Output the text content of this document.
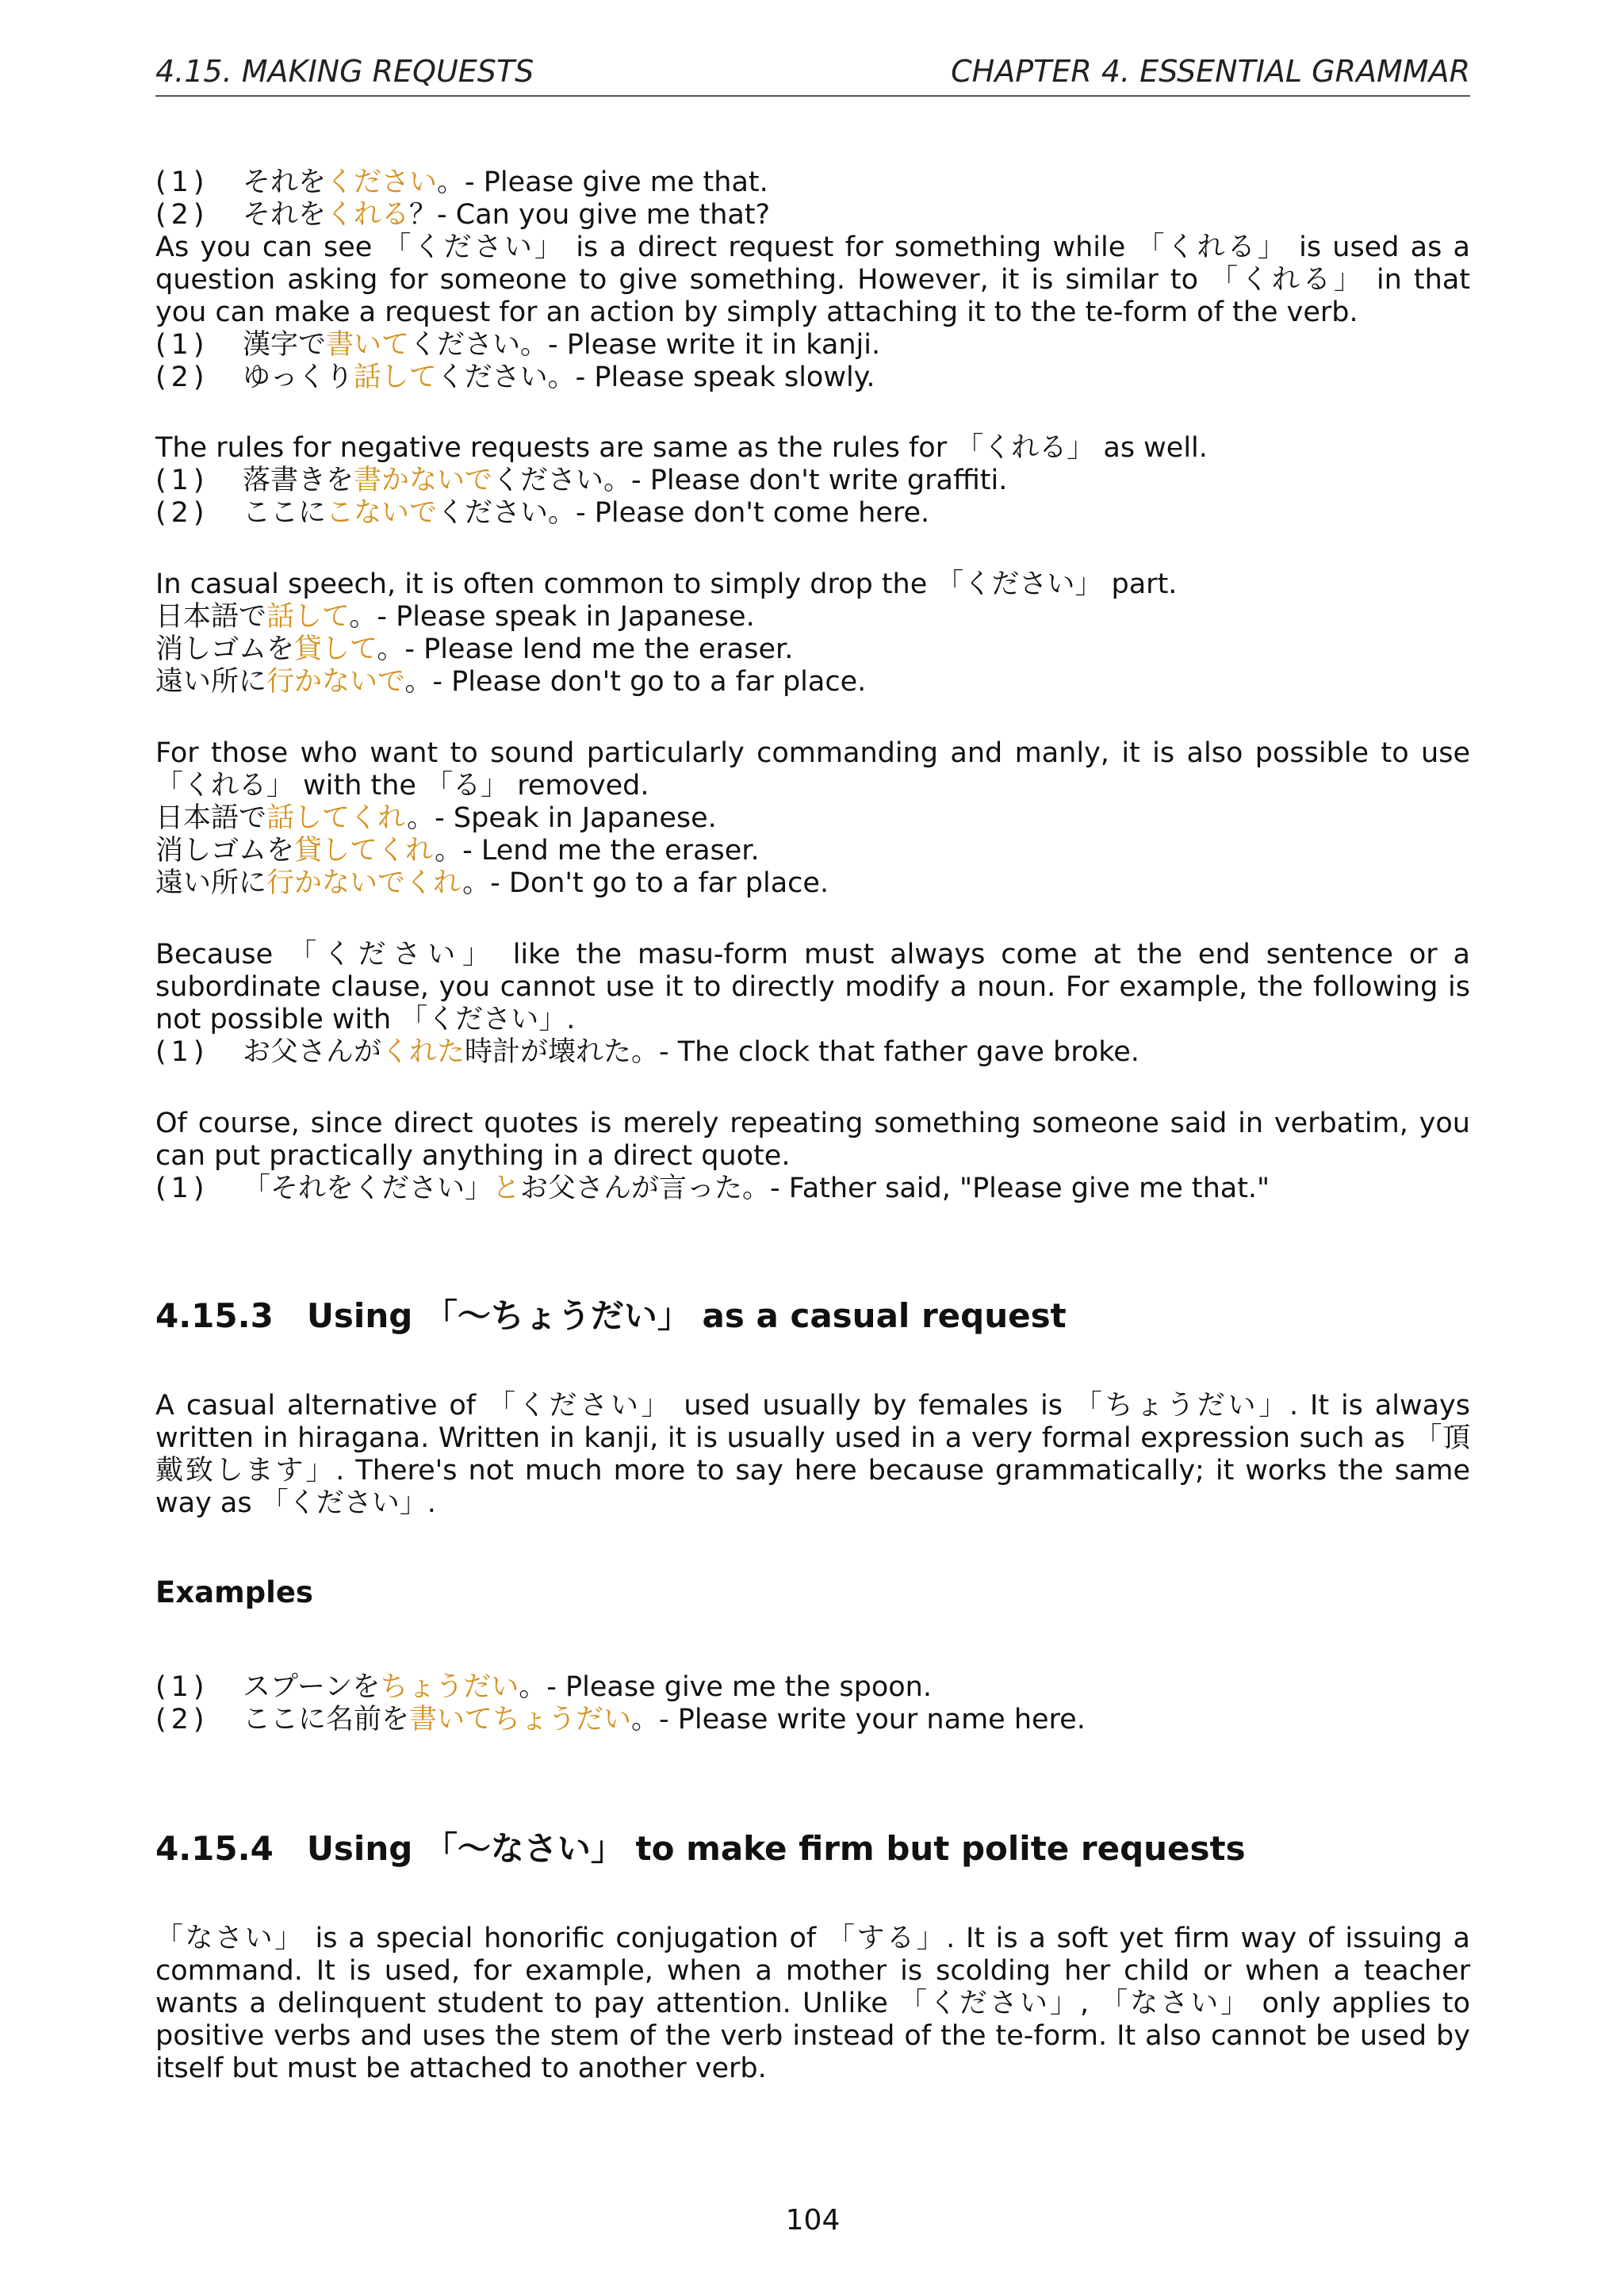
4.15. MAKING REQUESTS	CHAPTER 4. ESSENTIAL GRAMMAR
(1) それをください。- Please give me that.
(2) それをくれる？- Can you give me that?
As you can see 「ください」 is a direct request for something while 「くれる」 is used as a question asking for someone to give something. However, it is similar to 「くれる」 in that you can make a request for an action by simply attaching it to the te-form of the verb.
(1) 漢字で書いてください。- Please write it in kanji.
(2) ゆっくり話してください。- Please speak slowly.
The rules for negative requests are same as the rules for 「くれる」 as well.
(1) 落書きを書かないでください。- Please don't write graffiti.
(2) ここにこないでください。- Please don't come here.
In casual speech, it is often common to simply drop the 「ください」 part.
日本語で話して。- Please speak in Japanese.
消しゴムを貸して。- Please lend me the eraser.
遠い所に行かないで。- Please don't go to a far place.
For those who want to sound particularly commanding and manly, it is also possible to use 「くれる」 with the 「る」 removed.
日本語で話してくれ。- Speak in Japanese.
消しゴムを貸してくれ。- Lend me the eraser.
遠い所に行かないでくれ。- Don't go to a far place.
Because 「ください」 like the masu-form must always come at the end sentence or a subordinate clause, you cannot use it to directly modify a noun. For example, the following is not possible with 「ください」.
(1) お父さんがくれた時計が壊れた。- The clock that father gave broke.
Of course, since direct quotes is merely repeating something someone said in verbatim, you can put practically anything in a direct quote.
(1) 「それをください」とお父さんが言った。- Father said, "Please give me that."
4.15.3 Using 「～ちょうだい」 as a casual request
A casual alternative of 「ください」 used usually by females is 「ちょうだい」. It is always written in hiragana. Written in kanji, it is usually used in a very formal expression such as 「頂戴致します」. There's not much more to say here because grammatically; it works the same way as 「ください」.
Examples
(1) スプーンをちょうだい。- Please give me the spoon.
(2) ここに名前を書いてちょうだい。- Please write your name here.
4.15.4 Using 「～なさい」 to make firm but polite requests
「なさい」 is a special honorific conjugation of 「する」. It is a soft yet firm way of issuing a command. It is used, for example, when a mother is scolding her child or when a teacher wants a delinquent student to pay attention. Unlike 「ください」, 「なさい」 only applies to positive verbs and uses the stem of the verb instead of the te-form. It also cannot be used by itself but must be attached to another verb.
104
